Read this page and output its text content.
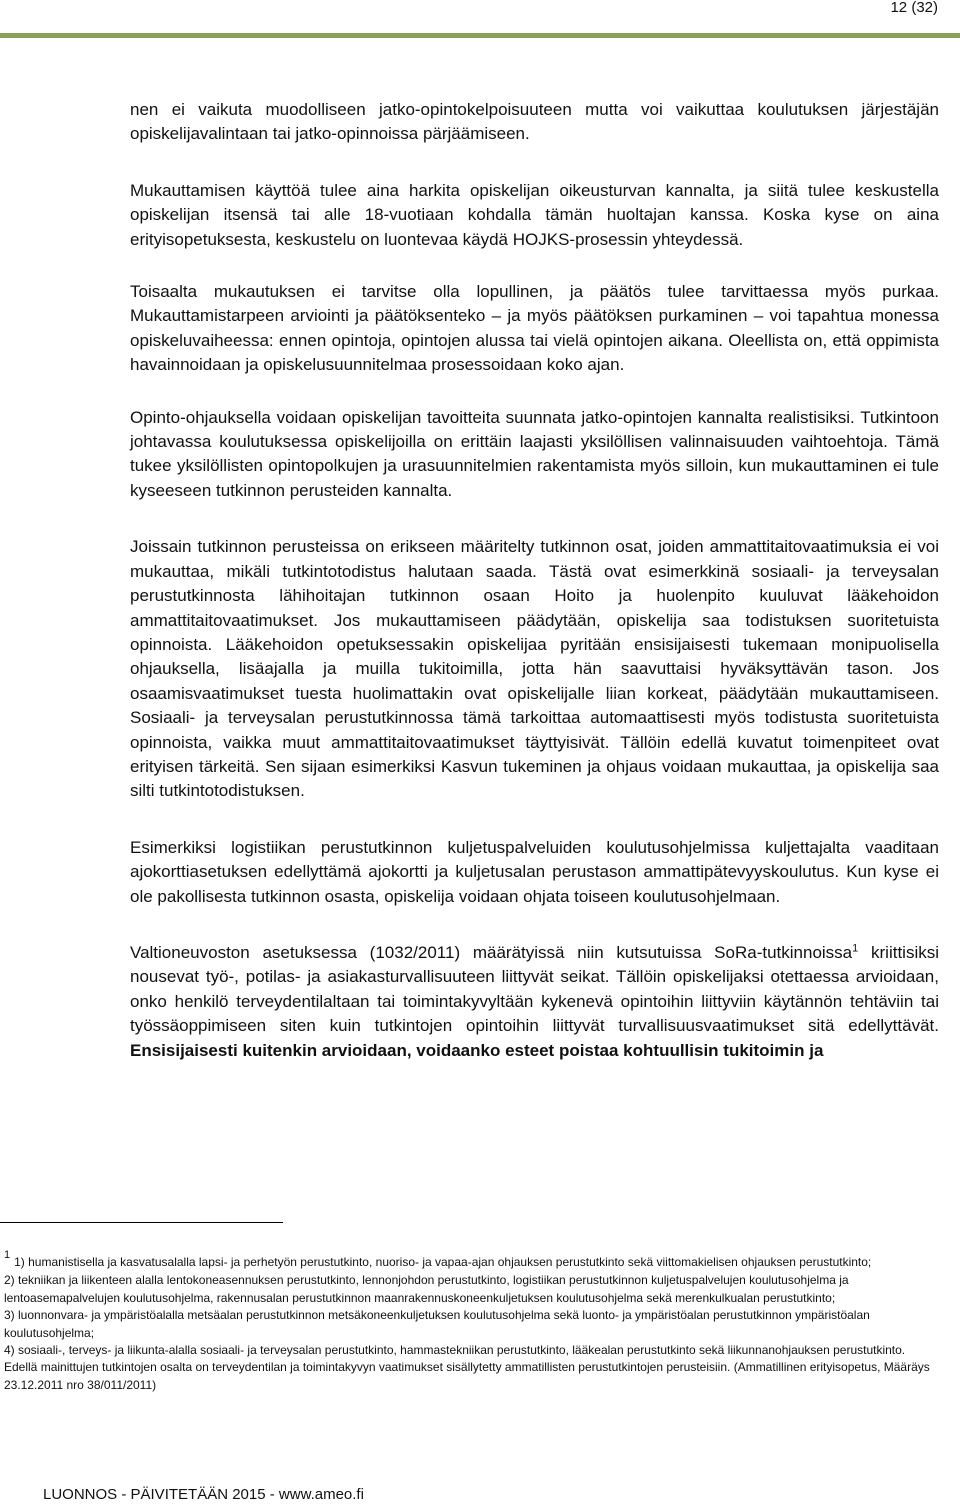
12 (32)

nen ei vaikuta muodolliseen jatko-opintokelpoisuuteen mutta voi vaikuttaa koulutuksen järjestäjän opiskelijavalintaan tai jatko-opinnoissa pärjäämiseen.

Mukauttamisen käyttöä tulee aina harkita opiskelijan oikeusturvan kannalta, ja siitä tulee keskustella opiskelijan itsensä tai alle 18-vuotiaan kohdalla tämän huoltajan kanssa. Koska kyse on aina erityisopetuksesta, keskustelu on luontevaa käydä HOJKS-prosessin yhteydessä.

Toisaalta mukautuksen ei tarvitse olla lopullinen, ja päätös tulee tarvittaessa myös purkaa. Mukauttamistarpeen arviointi ja päätöksenteko – ja myös päätöksen purkaminen – voi tapahtua monessa opiskeluvaiheessa: ennen opintoja, opintojen alussa tai vielä opintojen aikana. Oleellista on, että oppimista havainnoidaan ja opiskelusuunnitelmaa prosessoidaan koko ajan.

Opinto-ohjauksella voidaan opiskelijan tavoitteita suunnata jatko-opintojen kannalta realistisiksi. Tutkintoon johtavassa koulutuksessa opiskelijoilla on erittäin laajasti yksilöllisen valinnaisuuden vaihtoehtoja. Tämä tukee yksilöllisten opintopolkujen ja urasuunnitelmien rakentamista myös silloin, kun mukauttaminen ei tule kyseeseen tutkinnon perusteiden kannalta.

Joissain tutkinnon perusteissa on erikseen määritelty tutkinnon osat, joiden ammattitaitovaatimuksia ei voi mukauttaa, mikäli tutkintotodistus halutaan saada. Tästä ovat esimerkkinä sosiaali- ja terveysalan perustutkinnosta lähihoitajan tutkinnon osaan Hoito ja huolenpito kuuluvat lääkehoidon ammattitaitovaatimukset. Jos mukauttamiseen päädytään, opiskelija saa todistuksen suoritetuista opinnoista. Lääkehoidon opetuksessakin opiskelijaa pyritään ensisijaisesti tukemaan monipuolisella ohjauksella, lisäajalla ja muilla tukitoimilla, jotta hän saavuttaisi hyväksyttävän tason. Jos osaamisvaatimukset tuesta huolimattakin ovat opiskelijalle liian korkeat, päädytään mukauttamiseen. Sosiaali- ja terveysalan perustutkinnossa tämä tarkoittaa automaattisesti myös todistusta suoritetuista opinnoista, vaikka muut ammattitaitovaatimukset täyttyisivät. Tällöin edellä kuvatut toimenpiteet ovat erityisen tärkeitä. Sen sijaan esimerkiksi Kasvun tukeminen ja ohjaus voidaan mukauttaa, ja opiskelija saa silti tutkintotodistuksen.

Esimerkiksi logistiikan perustutkinnon kuljetuspalveluiden koulutusohjelmissa kuljettajalta vaaditaan ajokorttiasetuksen edellyttämä ajokortti ja kuljetusalan perustason ammattipätevyyskoulutus. Kun kyse ei ole pakollisesta tutkinnon osasta, opiskelija voidaan ohjata toiseen koulutusohjelmaan.

Valtioneuvoston asetuksessa (1032/2011) määrätyissä niin kutsutuissa SoRa-tutkinnoissa$^1$ kriittisiksi nousevat työ-, potilas- ja asiakasturvallisuuteen liittyvät seikat. Tällöin opiskelijaksi otettaessa arvioidaan, onko henkilö terveydentilaltaan tai toimintakyvyltään kykenevä opintoihin liittyviin käytännön tehtäviin tai työssäoppimiseen siten kuin tutkintojen opintoihin liittyvät turvallisuusvaatimukset sitä edellyttävät. Ensisijaisesti kuitenkin arvioidaan, voidaanko esteet poistaa kohtuullisin tukitoimin ja

1 1) humanistisella ja kasvatusalalla lapsi- ja perhetyön perustutkinto, nuoriso- ja vapaa-ajan ohjauksen perustutkinto sekä viittomakielisen ohjauksen perustutkinto;

2) tekniikan ja liikenteen alalla lentokoneasennuksen perustutkinto, lennonjohdon perustutkinto, logistiikan perustutkinnon kuljetuspalvelujen koulutusohjelma ja lentoasemapalvelujen koulutusohjelma, rakennusalan perustutkinnon maanrakennuskoneenkuljetuksen koulutusohjelma sekä merenkulkualan perustutkinto;

3) luonnonvara- ja ympäristöalalla metsäalan perustutkinnon metsäkoneenkuljetuksen koulutusohjelma sekä luonto- ja ympäristöalan perustutkinnon ympäristöalan koulutusohjelma;

4) sosiaali-, terveys- ja liikunta-alalla sosiaali- ja terveysalan perustutkinto, hammastekniikan perustutkinto, lääkealan perustutkinto sekä liikunnanohjauksen perustutkinto.

Edellä mainittujen tutkintojen osalta on terveydentilan ja toimintakyvyn vaatimukset sisällytetty ammatillisten perustutkintojen perusteisiin. (Ammatillinen erityisopetus, Määräys 23.12.2011 nro 38/011/2011)

LUONNOS - PÄIVITETÄÄN 2015 - www.ameo.fi
